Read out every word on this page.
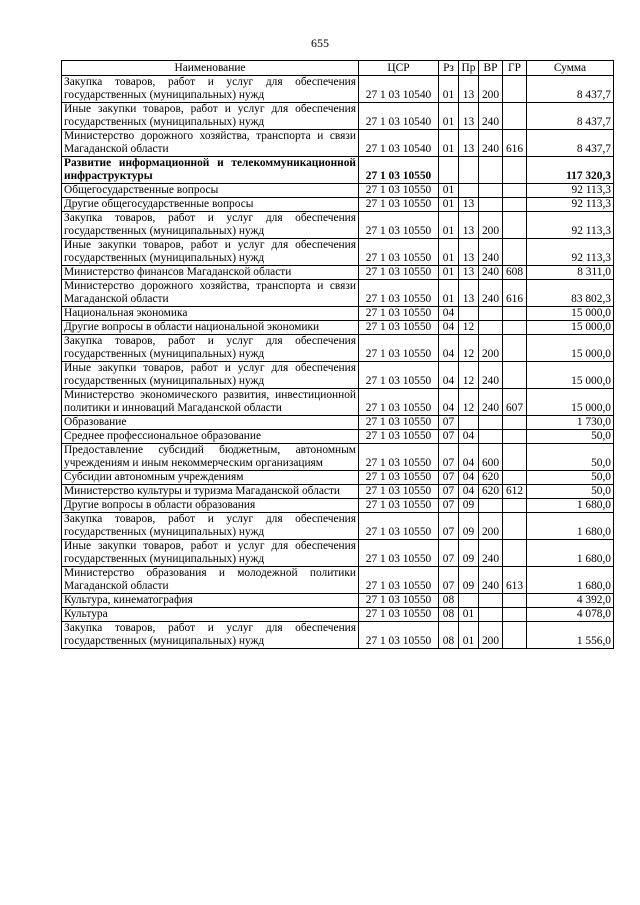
655
Наименование	ЦСР	Рз	Пр	ВР	ГР	Сумма
Закупка товаров, работ и услуг для обеспечения государственных (муниципальных) нужд	27 1 03 10540	01	13	200		8 437,7
Иные закупки товаров, работ и услуг для обеспечения государственных (муниципальных) нужд	27 1 03 10540	01	13	240		8 437,7
Министерство дорожного хозяйства, транспорта и связи Магаданской области	27 1 03 10540	01	13	240	616	8 437,7
Развитие информационной и телекоммуникационной инфраструктуры	27 1 03 10550					117 320,3
Общегосударственные вопросы	27 1 03 10550	01				92 113,3
Другие общегосударственные вопросы	27 1 03 10550	01	13			92 113,3
Закупка товаров, работ и услуг для обеспечения государственных (муниципальных) нужд	27 1 03 10550	01	13	200		92 113,3
Иные закупки товаров, работ и услуг для обеспечения государственных (муниципальных) нужд	27 1 03 10550	01	13	240		92 113,3
Министерство финансов Магаданской области	27 1 03 10550	01	13	240	608	8 311,0
Министерство дорожного хозяйства, транспорта и связи Магаданской области	27 1 03 10550	01	13	240	616	83 802,3
Национальная экономика	27 1 03 10550	04				15 000,0
Другие вопросы в области национальной экономики	27 1 03 10550	04	12			15 000,0
Закупка товаров, работ и услуг для обеспечения государственных (муниципальных) нужд	27 1 03 10550	04	12	200		15 000,0
Иные закупки товаров, работ и услуг для обеспечения государственных (муниципальных) нужд	27 1 03 10550	04	12	240		15 000,0
Министерство экономического развития, инвестиционной политики и инноваций Магаданской области	27 1 03 10550	04	12	240	607	15 000,0
Образование	27 1 03 10550	07				1 730,0
Среднее профессиональное образование	27 1 03 10550	07	04			50,0
Предоставление субсидий бюджетным, автономным учреждениям и иным некоммерческим организациям	27 1 03 10550	07	04	600		50,0
Субсидии автономным учреждениям	27 1 03 10550	07	04	620		50,0
Министерство культуры и туризма Магаданской области	27 1 03 10550	07	04	620	612	50,0
Другие вопросы в области образования	27 1 03 10550	07	09			1 680,0
Закупка товаров, работ и услуг для обеспечения государственных (муниципальных) нужд	27 1 03 10550	07	09	200		1 680,0
Иные закупки товаров, работ и услуг для обеспечения государственных (муниципальных) нужд	27 1 03 10550	07	09	240		1 680,0
Министерство образования и молодежной политики Магаданской области	27 1 03 10550	07	09	240	613	1 680,0
Культура, кинематография	27 1 03 10550	08				4 392,0
Культура	27 1 03 10550	08	01			4 078,0
Закупка товаров, работ и услуг для обеспечения государственных (муниципальных) нужд	27 1 03 10550	08	01	200		1 556,0
